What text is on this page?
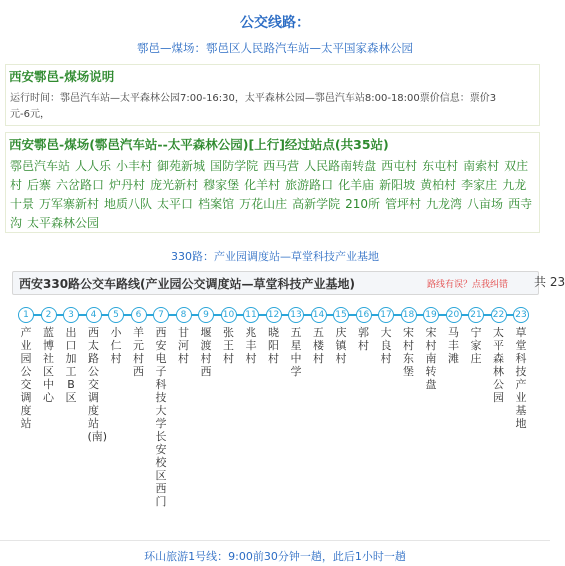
公交线路：
鄠邑—煤场：鄠邑区人民路汽车站—太平国家森林公园
西安鄠邑-煤场说明
运行时间：鄠邑汽车站—太平森林公园7:00-16:30，太平森林公园—鄠邑汽车站8:00-18:00票价信息：票价3
元-6元，
西安鄠邑-煤场(鄠邑汽车站--太平森林公园)[上行]经过站点(共35站)
鄠邑汽车站 人人乐 小丰村 御苑新城 国防学院 西马营 人民路南转盘 西屯村 东屯村 南索村 双庄村 后寨 六岔路口 炉丹村 庞光新村 穆家堡 化羊村 旅游路口 化羊庙 新阳坡 黄柏村 李家庄 九龙十景 万军寨新村 地质八队 太平口 档案馆 万花山庄 高新学院 210所 管坪村 九龙湾 八亩场 西寺沟 太平森林公园
330路：产业园调度站—草堂科技产业基地
西安330路公交车路线(产业园公交调度站—草堂科技产业基地)	路线有误？点我纠错 共 23
1
产业园公交调度站
2
蓝博社区中心
3
出口加工B区
4
西太路公交调度站(南)
5
小仁村
6
羊元村西
7
西安电子科技大学长安校区西门
8
甘河村
9
堰渡村西
10
张王村
11
兆丰村
12
晓阳村
13
五星中学
14
五楼村
15
庆镇村
16
郭村
17
大良村
18
宋村东堡
19
宋村南转盘
20
马丰滩
21
宁家庄
22
太平森林公园
23
草堂科技产业基地
环山旅游1号线：9:00前30分钟一趟，此后1小时一趟
